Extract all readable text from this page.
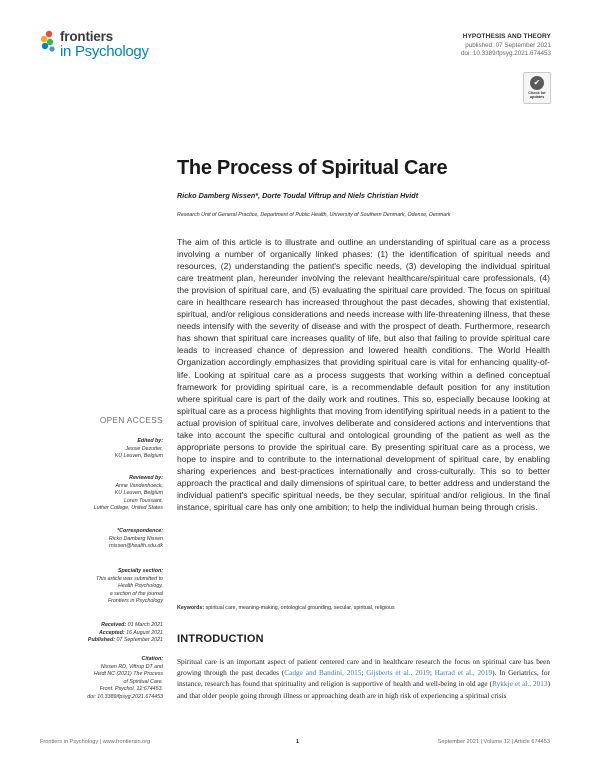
frontiers
in Psychology
HYPOTHESIS AND THEORY
published: 07 September 2021
doi: 10.3389/fpsyg.2021.674453
✔
Check for
updates
The Process of Spiritual Care
Ricko Damberg Nissen*, Dorte Toudal Viftrup and Niels Christian Hvidt
Research Unit of General Practice, Department of Public Health, University of Southern Denmark, Odense, Denmark

The aim of this article is to illustrate and outline an understanding of spiritual care as a process involving a number of organically linked phases: (1) the identification of spiritual needs and resources, (2) understanding the patient's specific needs, (3) developing the individual spiritual care treatment plan, hereunder involving the relevant healthcare/spiritual care professionals, (4) the provision of spiritual care, and (5) evaluating the spiritual care provided. The focus on spiritual care in healthcare research has increased throughout the past decades, showing that existential, spiritual, and/or religious considerations and needs increase with life-threatening illness, that these needs intensify with the severity of disease and with the prospect of death. Furthermore, research has shown that spiritual care increases quality of life, but also that failing to provide spiritual care leads to increased chance of depression and lowered health conditions. The World Health Organization accordingly emphasizes that providing spiritual care is vital for enhancing quality-of-life. Looking at spiritual care as a process suggests that working within a defined conceptual framework for providing spiritual care, is a recommendable default position for any institution where spiritual care is part of the daily work and routines. This so, especially because looking at spiritual care as a process highlights that moving from identifying spiritual needs in a patient to the actual provision of spiritual care, involves deliberate and considered actions and interventions that take into account the specific cultural and ontological grounding of the patient as well as the appropriate persons to provide the spiritual care. By presenting spiritual care as a process, we hope to inspire and to contribute to the international development of spiritual care, by enabling sharing experiences and best-practices internationally and cross-culturally. This so to better approach the practical and daily dimensions of spiritual care, to better address and understand the individual patient's specific spiritual needs, be they secular, spiritual and/or religious. In the final instance, spiritual care has only one ambition; to help the individual human being through crisis.

Keywords: spiritual care, meaning-making, ontological grounding, secular, spiritual, religious
INTRODUCTION

Spiritual care is an important aspect of patient centered care and in healthcare research the focus on spiritual care has been growing through the past decades (Cadge and Bandini, 2015; Gijsberts et al., 2019; Harrad et al., 2019). In Geriatrics, for instance, research has found that spirituality and religion is supportive of health and well-being in old age (Rykkje et al., 2013) and that older people going through illness or approaching death are in high risk of experiencing a spiritual crisis

OPEN ACCESS
Edited by:
Jessie Dezutter,
KU Leuven, Belgium
Reviewed by:
Anne Vandenhoeck,
KU Leuven, Belgium
Loren Toussaint,
Luther College, United States
*Correspondence:
Ricko Damberg Nissen
rnissen@health.sdu.dk
Specialty section:
This article was submitted to
Health Psychology,
a section of the journal
Frontiers in Psychology
Received: 01 March 2021
Accepted: 16 August 2021
Published: 07 September 2021
Citation:
Nissen RD, Viftrup DT and
Hvidt NC (2021) The Process
of Spiritual Care.
Front. Psychol. 12:674453.
doi: 10.3389/fpsyg.2021.674453
Frontiers in Psychology | www.frontiersin.org	1	September 2021 | Volume 12 | Article 674453
